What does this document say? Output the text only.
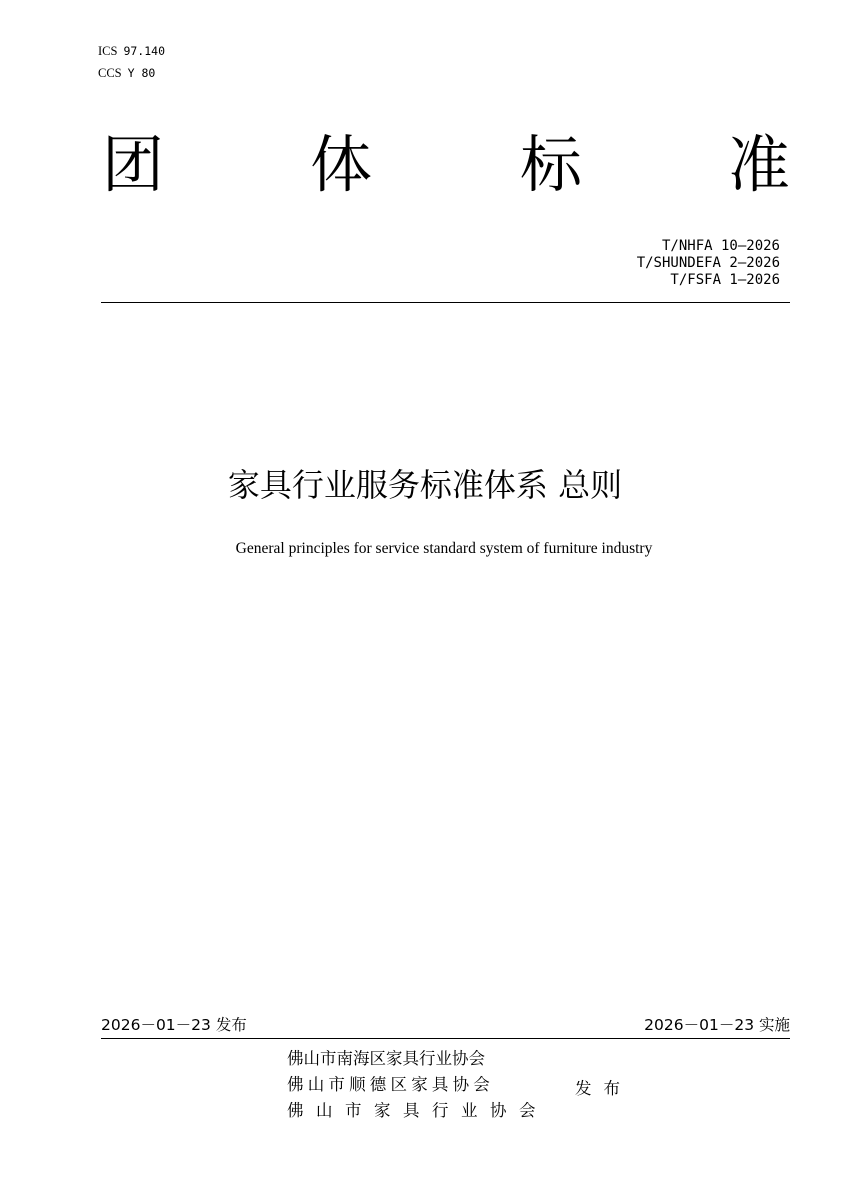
ICS 97.140
CCS Y 80
团 体 标 准
T/NHFA 10—2026
T/SHUNDEFA 2—2026
T/FSFA 1—2026
家具行业服务标准体系 总则
General principles for service standard system of furniture industry
2026－01－23 发布	2026－01－23 实施
佛山市南海区家具行业协会
佛山市顺德区家具协会
佛山市家具行业协会
发布
